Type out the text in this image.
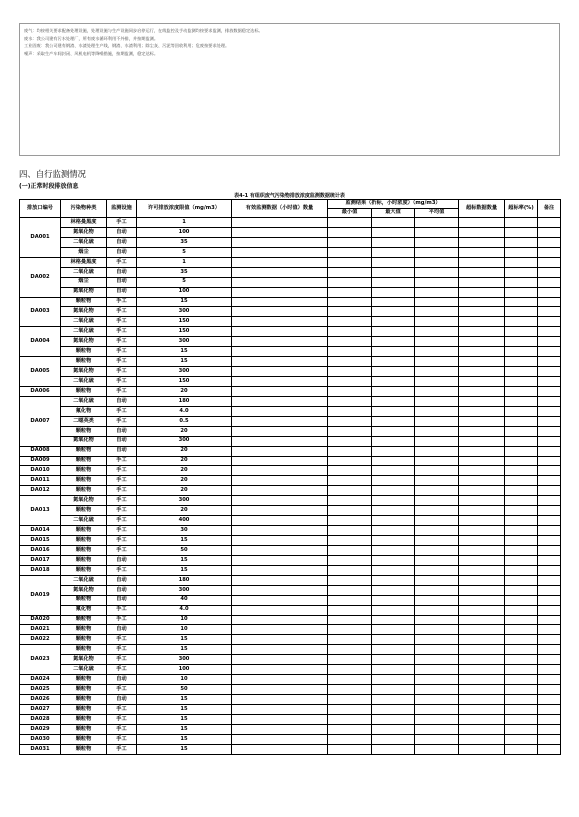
废气：均按相关要求配备处理设施，处理设施与生产设施同步启停运行，在线监控及手动监测均按要求监测，排放数据稳定达标。
废水：我公司建有污水处理厂，所有废水循环利用不外排，并按期监测。
工业固废：我公司建有钢渣、水渣处理生产线，钢渣、水渣利用；除尘灰、污泥等回收利用；危废按要求处理。
噪声：采取生产车间封闭、风机电机等降噪措施，按期监测，稳定达标。
四、自行监测情况
(一)正常时段排放信息
表4-1 有组织废气污染物排放浓度监测数据统计表
排放口编号	污染物种类	监测设施	许可排放浓度限值（mg/m3）	有效监测数据（小时值）数量	监测结果（折标，小时浓度）（mg/m3）			超标数据数量	超标率(%)	备注
					最小值	最大值	平均值			
DA001	林格曼黑度	手工	1							
	氮氧化物	自动	100							
	二氧化硫	自动	35							
	烟尘	自动	5							
DA002	林格曼黑度	手工	1							
	二氧化硫	自动	35							
	烟尘	自动	5							
	氮氧化物	自动	100							
DA003	颗粒物	手工	15							
	氮氧化物	手工	300							
	二氧化硫	手工	150							
DA004	二氧化硫	手工	150							
	氮氧化物	手工	300							
	颗粒物	手工	15							
DA005	颗粒物	手工	15							
	氮氧化物	手工	300							
	二氧化硫	手工	150							
DA006	颗粒物	手工	20							
DA007	二氧化硫	自动	180							
	氟化物	手工	4.0							
	二噁英类	手工	0.5							
	颗粒物	自动	20							
	氮氧化物	自动	300							
DA008	颗粒物	自动	20							
DA009	颗粒物	手工	20							
DA010	颗粒物	手工	20							
DA011	颗粒物	手工	20							
DA012	颗粒物	手工	20							
DA013	氮氧化物	手工	300							
	颗粒物	手工	20							
	二氧化硫	手工	400							
DA014	颗粒物	手工	30							
DA015	颗粒物	手工	15							
DA016	颗粒物	手工	50							
DA017	颗粒物	自动	15							
DA018	颗粒物	手工	15							
DA019	二氧化硫	自动	180							
	氮氧化物	自动	300							
	颗粒物	自动	40							
	氟化物	手工	4.0							
DA020	颗粒物	手工	10							
DA021	颗粒物	自动	10							
DA022	颗粒物	手工	15							
DA023	颗粒物	手工	15							
	氮氧化物	手工	300							
	二氧化硫	手工	100							
DA024	颗粒物	自动	10							
DA025	颗粒物	手工	50							
DA026	颗粒物	自动	15							
DA027	颗粒物	手工	15							
DA028	颗粒物	手工	15							
DA029	颗粒物	手工	15							
DA030	颗粒物	手工	15							
DA031	颗粒物	手工	15							
